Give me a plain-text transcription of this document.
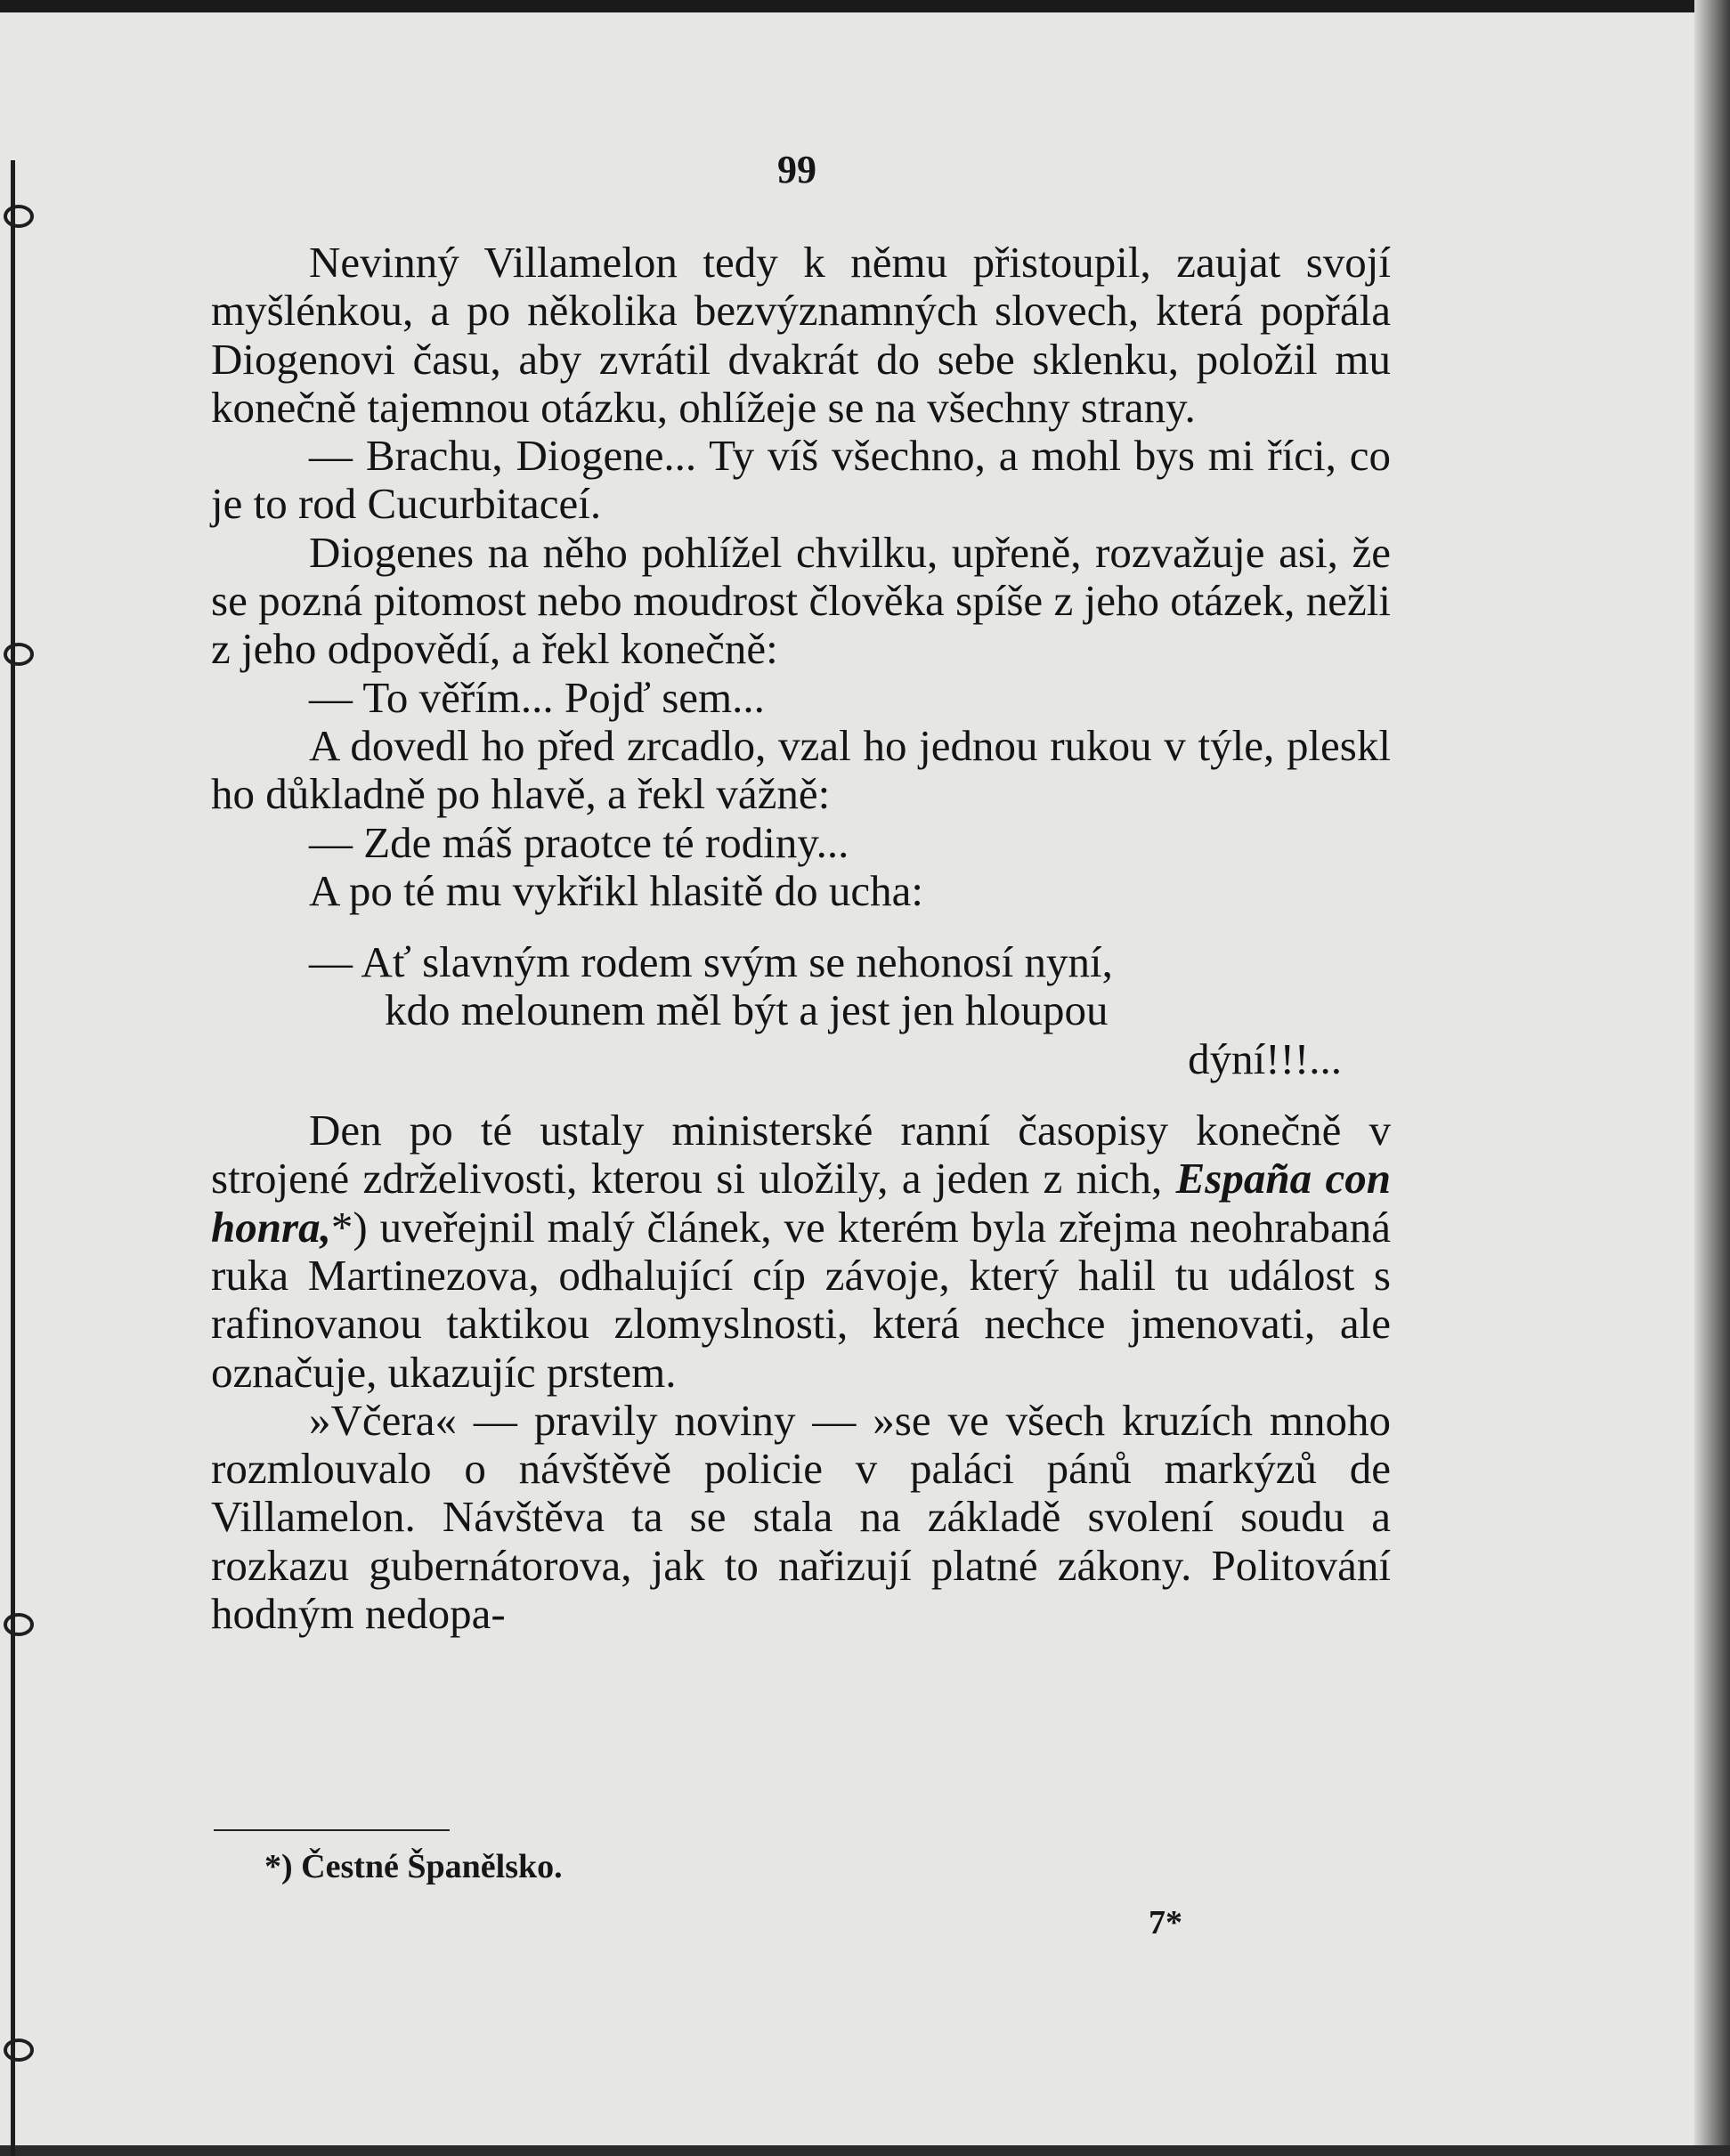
99

Nevinný Villamelon tedy k němu přistoupil, zaujat svojí myšlénkou, a po několika bezvýznamných slovech, která popřála Diogenovi času, aby zvrátil dvakrát do sebe sklenku, položil mu konečně tajemnou otázku, ohlížeje se na všechny strany.

— Brachu, Diogene... Ty víš všechno, a mohl bys mi říci, co je to rod Cucurbitaceí.

Diogenes na něho pohlížel chvilku, upřeně, rozvažuje asi, že se pozná pitomost nebo moudrost člověka spíše z jeho otázek, nežli z jeho odpovědí, a řekl konečně:

— To věřím... Pojď sem...

A dovedl ho před zrcadlo, vzal ho jednou rukou v týle, pleskl ho důkladně po hlavě, a řekl vážně:

— Zde máš praotce té rodiny...

A po té mu vykřikl hlasitě do ucha:

— Ať slavným rodem svým se nehonosí nyní,
kdo melounem měl být a jest jen hloupou
dýní!!!...

Den po té ustaly ministerské ranní časopisy konečně v strojené zdrželivosti, kterou si uložily, a jeden z nich, España con honra,*) uveřejnil malý článek, ve kterém byla zřejma neohrabaná ruka Martinezova, odhalující cíp závoje, který halil tu událost s rafinovanou taktikou zlomyslnosti, která nechce jmenovati, ale označuje, ukazujíc prstem.

»Včera« — pravily noviny — »se ve všech kruzích mnoho rozmlouvalo o návštěvě policie v paláci pánů markýzů de Villamelon. Návštěva ta se stala na základě svolení soudu a rozkazu gubernátorova, jak to nařizují platné zákony. Politování hodným nedopa-

*) Čestné Španělsko.
7*
